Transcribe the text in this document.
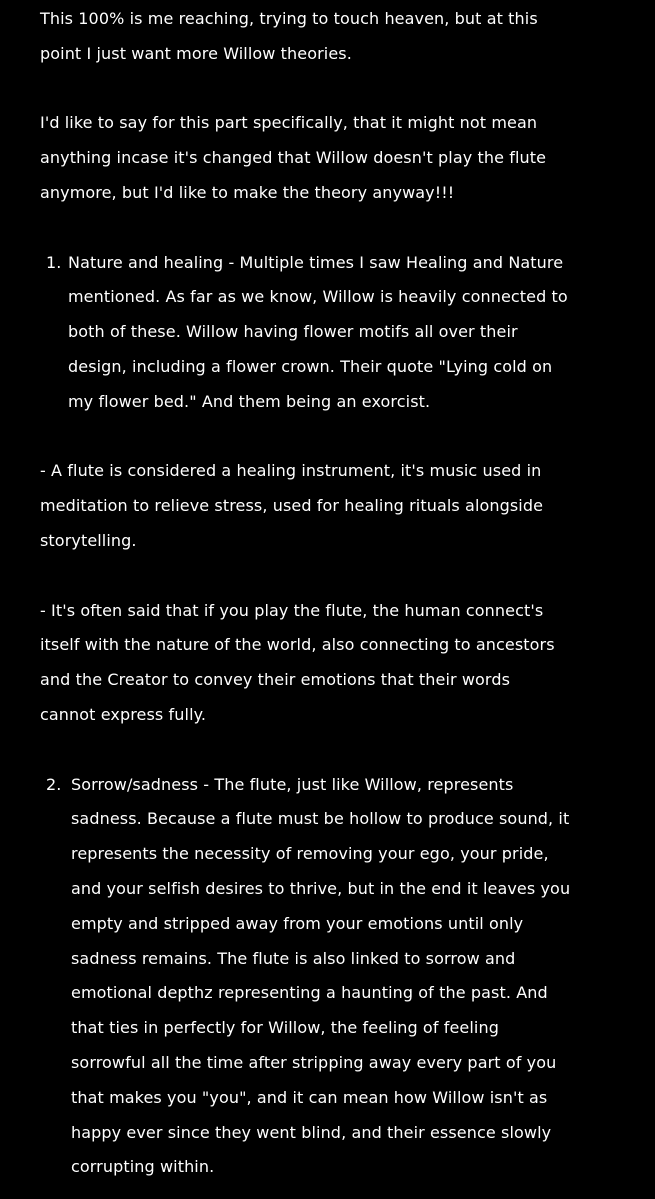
This 100% is me reaching, trying to touch heaven, but at this

point I just want more Willow theories.

I'd like to say for this part specifically, that it might not mean

anything incase it's changed that Willow doesn't play the flute

anymore, but I'd like to make the theory anyway!!!

1. Nature and healing - Multiple times I saw Healing and Nature

mentioned. As far as we know, Willow is heavily connected to

both of these. Willow having flower motifs all over their

design, including a flower crown. Their quote "Lying cold on

my flower bed." And them being an exorcist.

- A flute is considered a healing instrument, it's music used in

meditation to relieve stress, used for healing rituals alongside

storytelling.

- It's often said that if you play the flute, the human connect's

itself with the nature of the world, also connecting to ancestors

and the Creator to convey their emotions that their words

cannot express fully.

2. Sorrow/sadness - The flute, just like Willow, represents

sadness. Because a flute must be hollow to produce sound, it

represents the necessity of removing your ego, your pride,

and your selfish desires to thrive, but in the end it leaves you

empty and stripped away from your emotions until only

sadness remains. The flute is also linked to sorrow and

emotional depthz representing a haunting of the past. And

that ties in perfectly for Willow, the feeling of feeling

sorrowful all the time after stripping away every part of you

that makes you "you", and it can mean how Willow isn't as

happy ever since they went blind, and their essence slowly

corrupting within.
